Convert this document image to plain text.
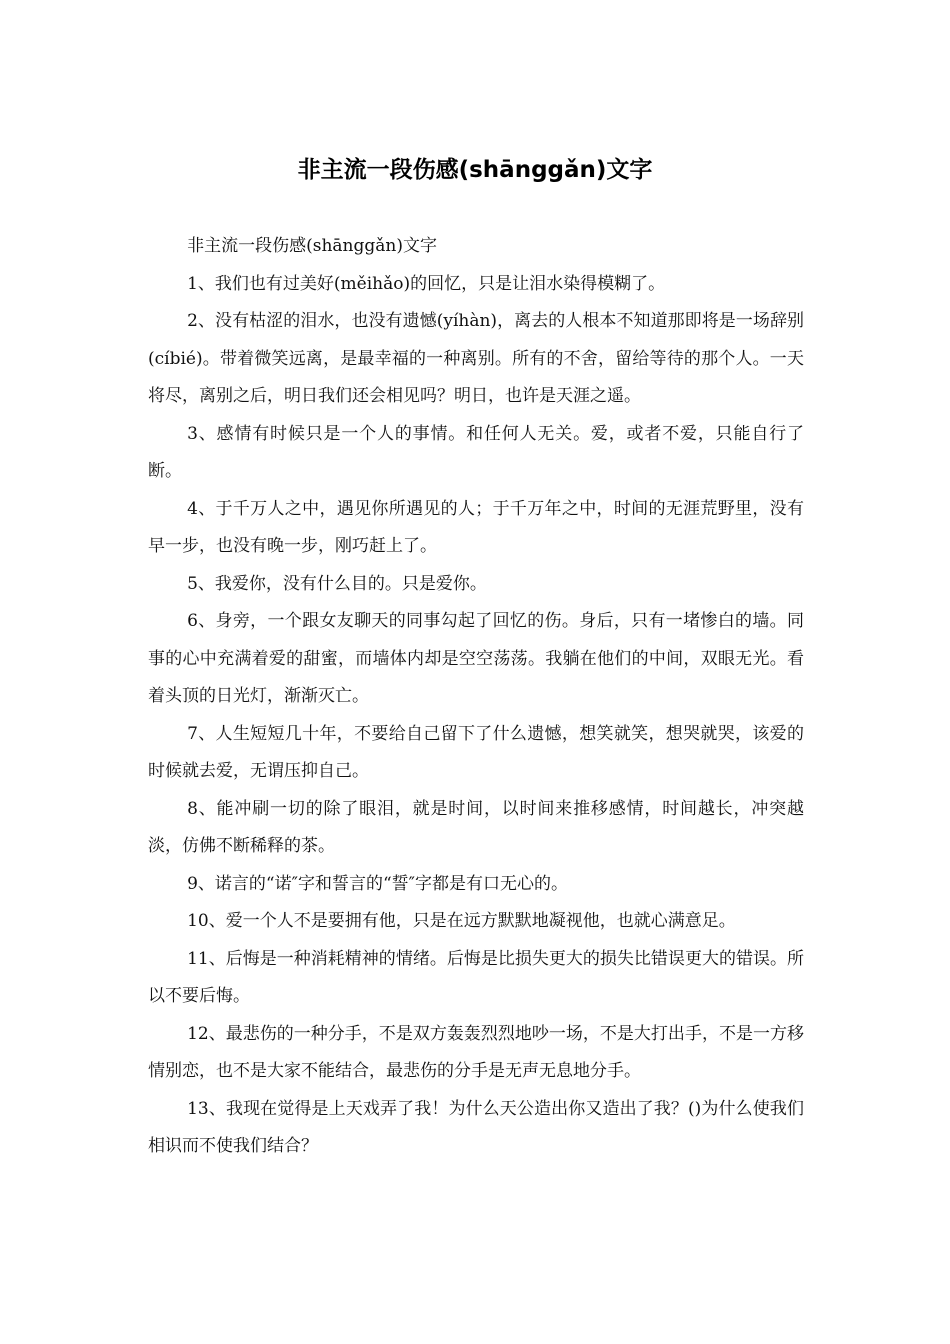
非主流一段伤感(shānggǎn)文字

非主流一段伤感(shānggǎn)文字

1、我们也有过美好(měihǎo)的回忆，只是让泪水染得模糊了。

2、没有枯涩的泪水，也没有遗憾(yíhàn)，离去的人根本不知道那即将是一场辞别(cíbié)。带着微笑远离，是最幸福的一种离别。所有的不舍，留给等待的那个人。一天将尽，离别之后，明日我们还会相见吗？明日，也许是天涯之遥。

3、感情有时候只是一个人的事情。和任何人无关。爱，或者不爱，只能自行了断。

4、于千万人之中，遇见你所遇见的人；于千万年之中，时间的无涯荒野里，没有早一步，也没有晚一步，刚巧赶上了。

5、我爱你，没有什么目的。只是爱你。

6、身旁，一个跟女友聊天的同事勾起了回忆的伤。身后，只有一堵惨白的墙。同事的心中充满着爱的甜蜜，而墙体内却是空空荡荡。我躺在他们的中间，双眼无光。看着头顶的日光灯，渐渐灭亡。

7、人生短短几十年，不要给自己留下了什么遗憾，想笑就笑，想哭就哭，该爱的时候就去爱，无谓压抑自己。

8、能冲刷一切的除了眼泪，就是时间，以时间来推移感情，时间越长，冲突越淡，仿佛不断稀释的茶。

9、诺言的“诺″字和誓言的“誓″字都是有口无心的。

10、爱一个人不是要拥有他，只是在远方默默地凝视他，也就心满意足。

11、后悔是一种消耗精神的情绪。后悔是比损失更大的损失比错误更大的错误。所以不要后悔。

12、最悲伤的一种分手，不是双方轰轰烈烈地吵一场，不是大打出手，不是一方移情别恋，也不是大家不能结合，最悲伤的分手是无声无息地分手。

13、我现在觉得是上天戏弄了我！为什么天公造出你又造出了我？()为什么使我们相识而不使我们结合？
